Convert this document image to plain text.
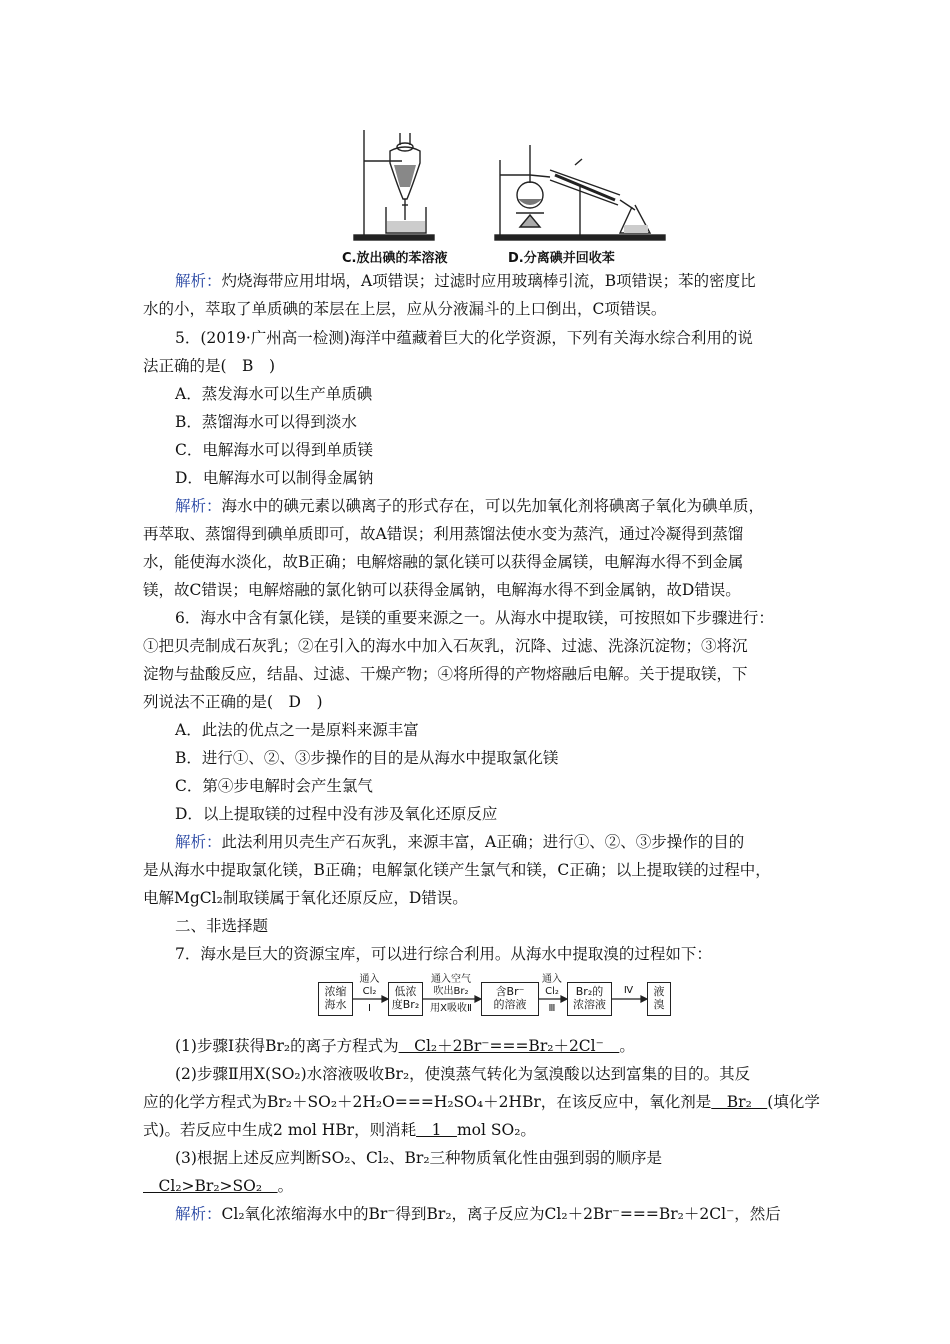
C.放出碘的苯溶液	D.分离碘并回收苯
解析：灼烧海带应用坩埚，A项错误；过滤时应用玻璃棒引流，B项错误；苯的密度比
水的小，萃取了单质碘的苯层在上层，应从分液漏斗的上口倒出，C项错误。
5．(2019·广州高一检测)海洋中蕴藏着巨大的化学资源，下列有关海水综合利用的说
法正确的是(　B　)
A．蒸发海水可以生产单质碘
B．蒸馏海水可以得到淡水
C．电解海水可以得到单质镁
D．电解海水可以制得金属钠
解析：海水中的碘元素以碘离子的形式存在，可以先加氧化剂将碘离子氧化为碘单质，
再萃取、蒸馏得到碘单质即可，故A错误；利用蒸馏法使水变为蒸汽，通过冷凝得到蒸馏
水，能使海水淡化，故B正确；电解熔融的氯化镁可以获得金属镁，电解海水得不到金属
镁，故C错误；电解熔融的氯化钠可以获得金属钠，电解海水得不到金属钠，故D错误。
6．海水中含有氯化镁，是镁的重要来源之一。从海水中提取镁，可按照如下步骤进行：
①把贝壳制成石灰乳；②在引入的海水中加入石灰乳，沉降、过滤、洗涤沉淀物；③将沉
淀物与盐酸反应，结晶、过滤、干燥产物；④将所得的产物熔融后电解。关于提取镁，下
列说法不正确的是(　D　)
A．此法的优点之一是原料来源丰富
B．进行①、②、③步操作的目的是从海水中提取氯化镁
C．第④步电解时会产生氯气
D．以上提取镁的过程中没有涉及氧化还原反应
解析：此法利用贝壳生产石灰乳，来源丰富，A正确；进行①、②、③步操作的目的
是从海水中提取氯化镁，B正确；电解氯化镁产生氯气和镁，C正确；以上提取镁的过程中，
电解MgCl₂制取镁属于氧化还原反应，D错误。
二、非选择题
7．海水是巨大的资源宝库，可以进行综合利用。从海水中提取溴的过程如下：
浓缩
海水
通入
Cl₂
Ⅰ
低浓
度Br₂
通入空气
吹出Br₂
用X吸收Ⅱ
含Br⁻
的溶液
通入
Cl₂
Ⅲ
Br₂的
浓溶液
Ⅳ	液
溴
(1)步骤Ⅰ获得Br₂的离子方程式为　Cl₂＋2Br⁻===Br₂＋2Cl⁻　。
(2)步骤Ⅱ用X(SO₂)水溶液吸收Br₂，使溴蒸气转化为氢溴酸以达到富集的目的。其反
应的化学方程式为Br₂＋SO₂＋2H₂O===H₂SO₄＋2HBr，在该反应中，氧化剂是　Br₂　(填化学
式)。若反应中生成2 mol HBr，则消耗　1　mol SO₂。
(3)根据上述反应判断SO₂、Cl₂、Br₂三种物质氧化性由强到弱的顺序是
　Cl₂>Br₂>SO₂　。
解析：Cl₂氧化浓缩海水中的Br⁻得到Br₂，离子反应为Cl₂＋2Br⁻===Br₂＋2Cl⁻，然后
